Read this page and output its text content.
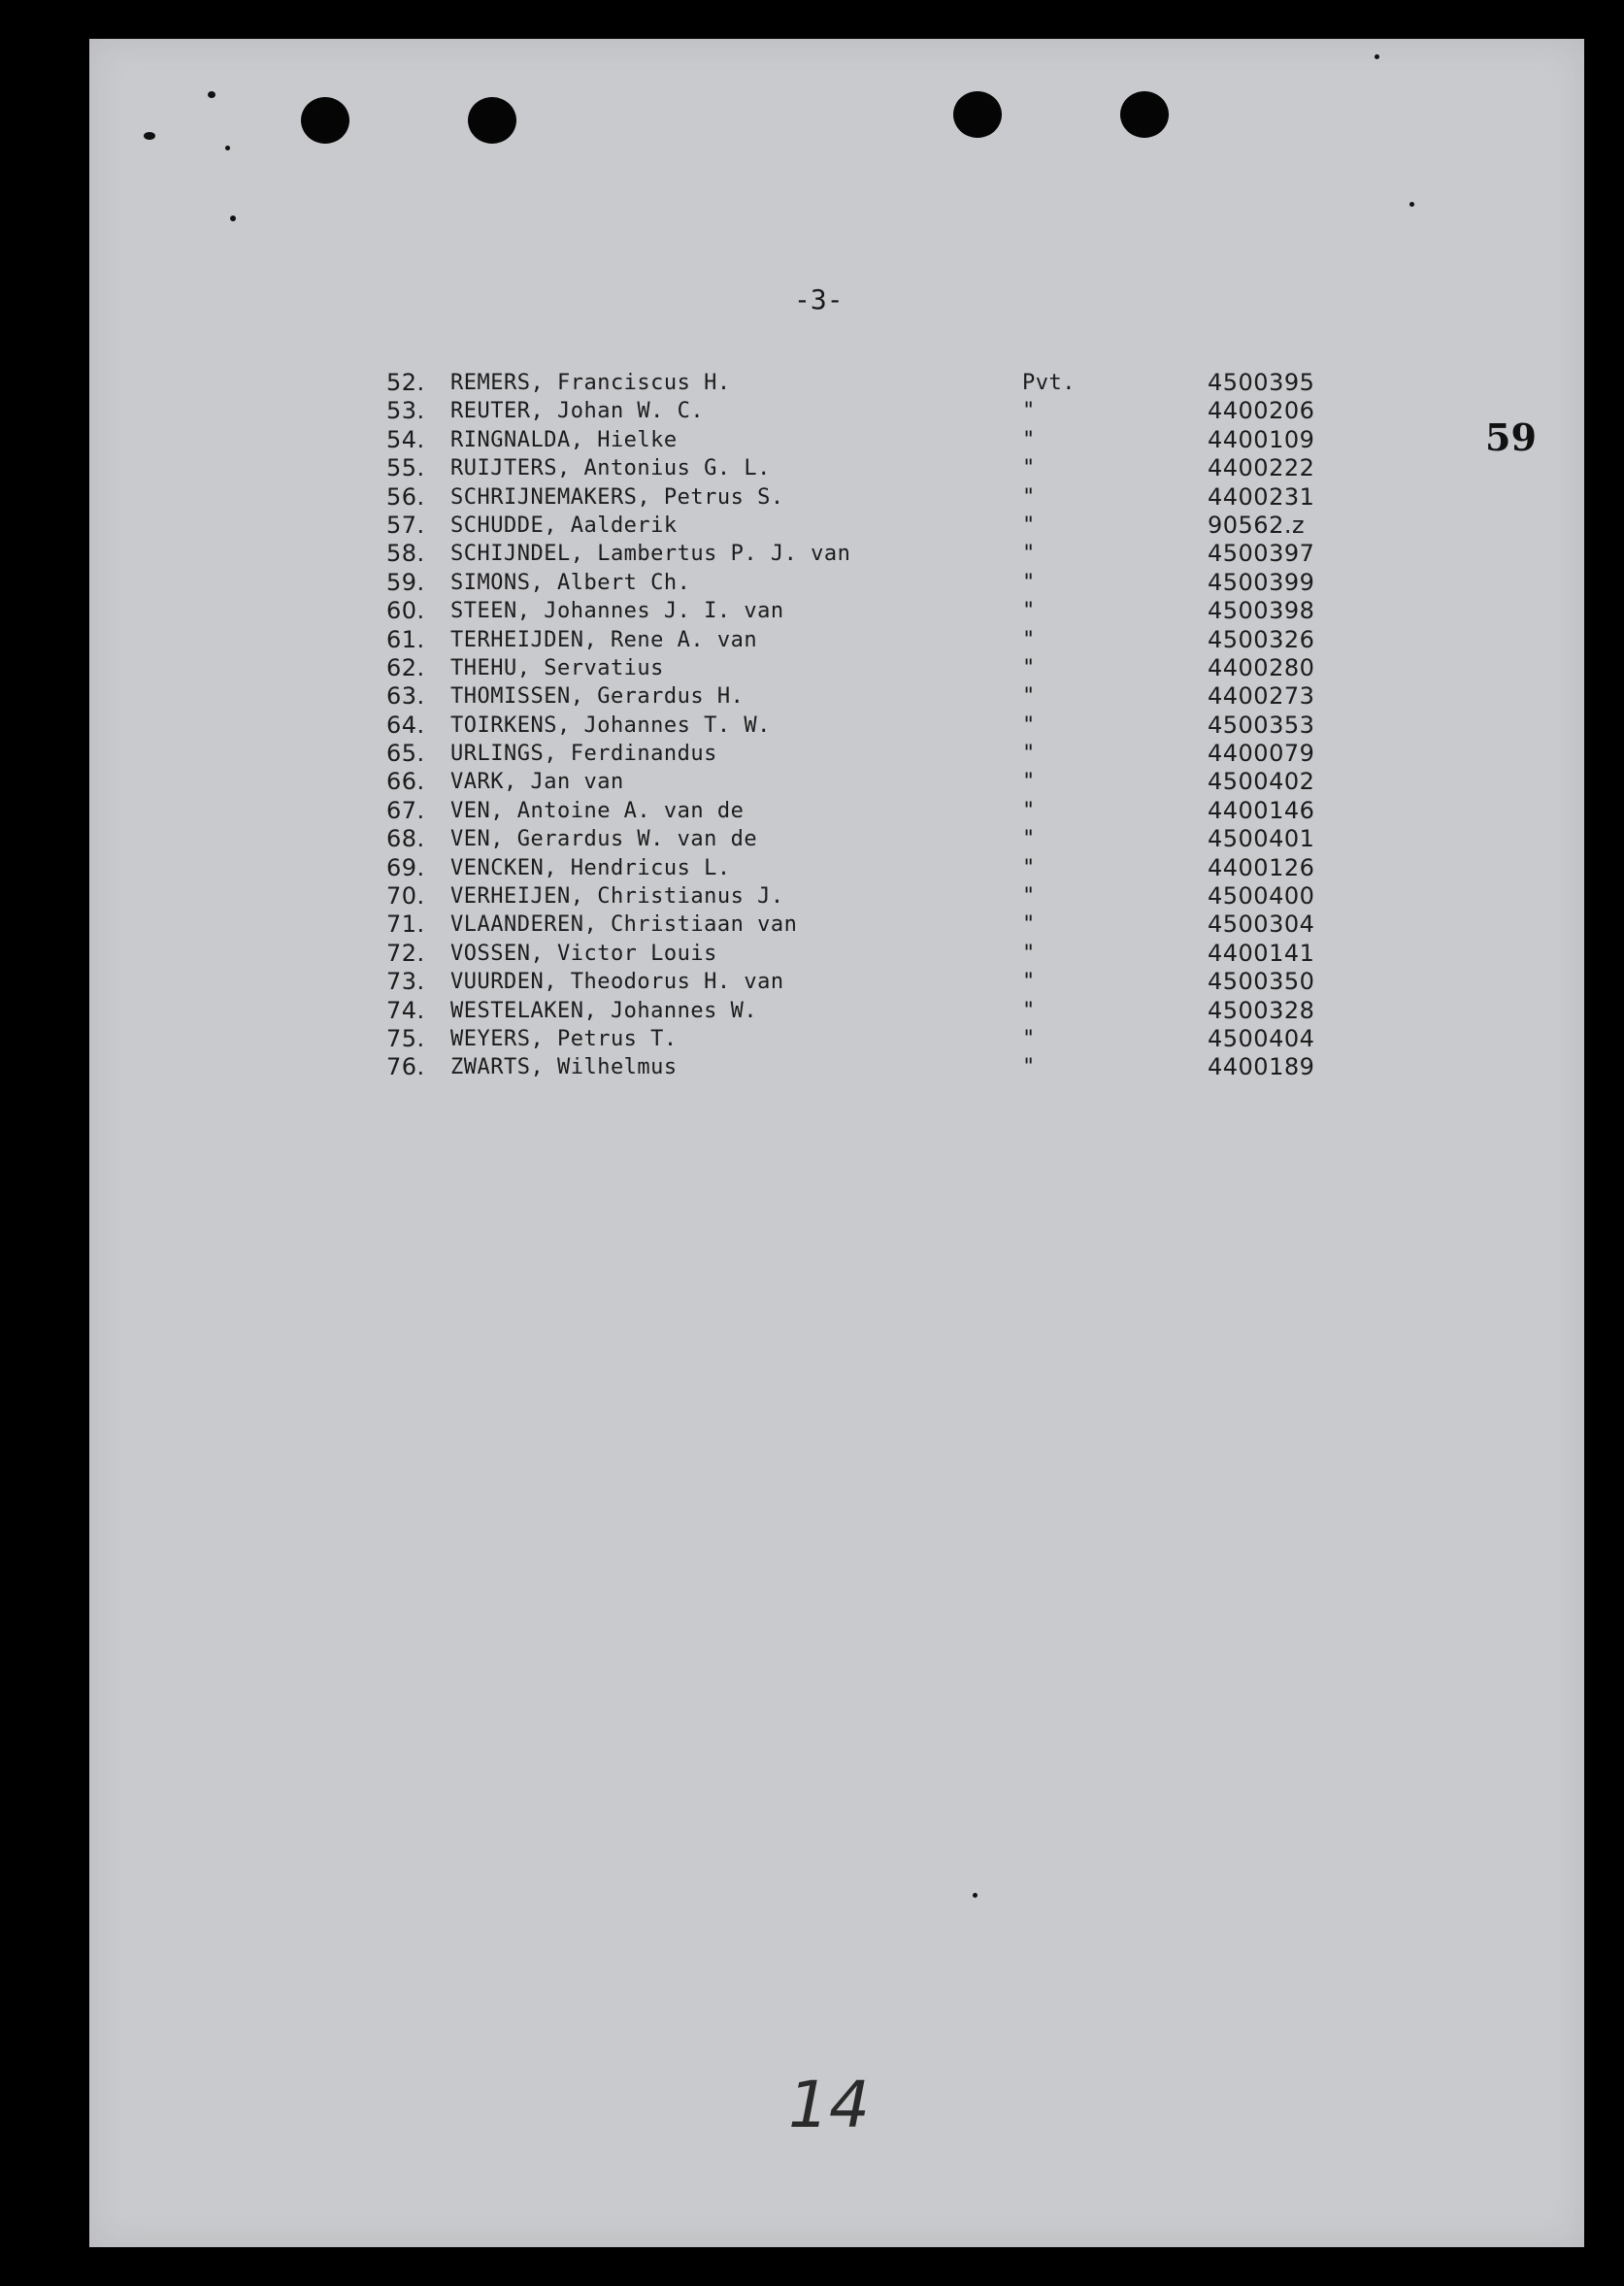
-3-
59
52.	REMERS, Franciscus H.	Pvt.	4500395
53.	REUTER, Johan W. C.	"	4400206
54.	RINGNALDA, Hielke	"	4400109
55.	RUIJTERS, Antonius G. L.	"	4400222
56.	SCHRIJNEMAKERS, Petrus S.	"	4400231
57.	SCHUDDE, Aalderik	"	90562.z
58.	SCHIJNDEL, Lambertus P. J. van	"	4500397
59.	SIMONS, Albert Ch.	"	4500399
60.	STEEN, Johannes J. I. van	"	4500398
61.	TERHEIJDEN, Rene A. van	"	4500326
62.	THEHU, Servatius	"	4400280
63.	THOMISSEN, Gerardus H.	"	4400273
64.	TOIRKENS, Johannes T. W.	"	4500353
65.	URLINGS, Ferdinandus	"	4400079
66.	VARK, Jan van	"	4500402
67.	VEN, Antoine A. van de	"	4400146
68.	VEN, Gerardus W. van de	"	4500401
69.	VENCKEN, Hendricus L.	"	4400126
70.	VERHEIJEN, Christianus J.	"	4500400
71.	VLAANDEREN, Christiaan van	"	4500304
72.	VOSSEN, Victor Louis	"	4400141
73.	VUURDEN, Theodorus H. van	"	4500350
74.	WESTELAKEN, Johannes W.	"	4500328
75.	WEYERS, Petrus T.	"	4500404
76.	ZWARTS, Wilhelmus	"	4400189
14
